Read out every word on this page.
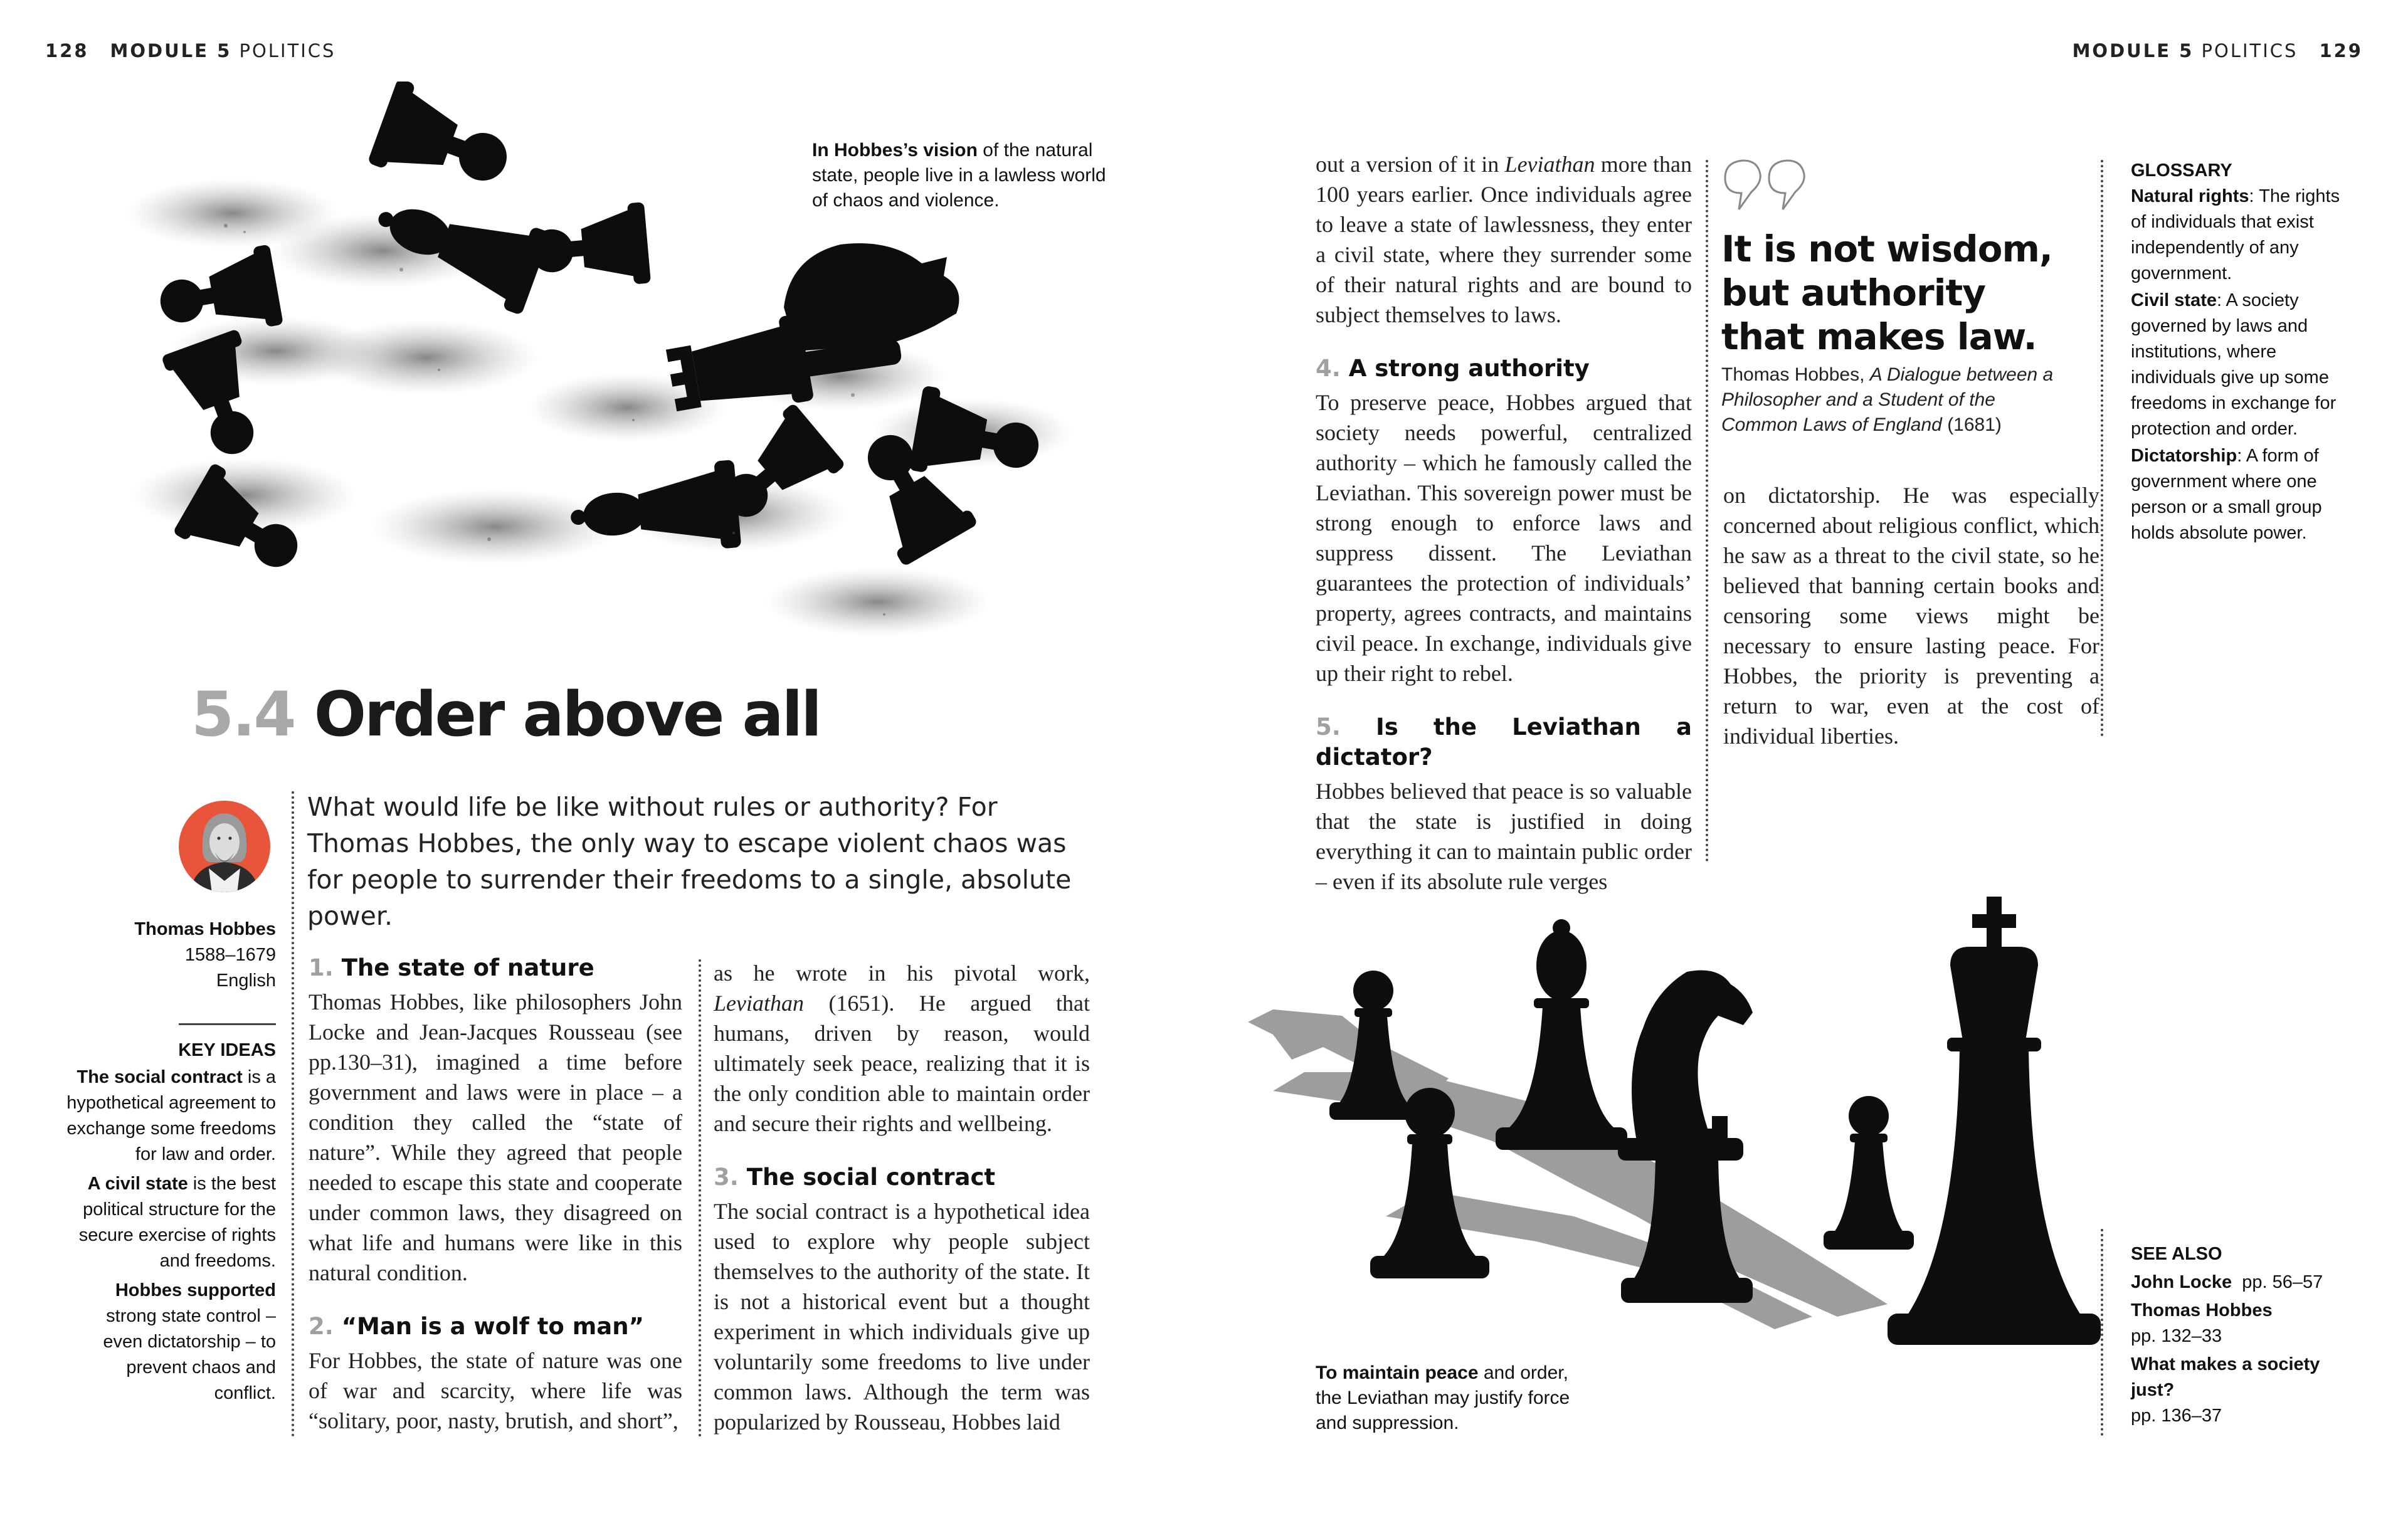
128 MODULE 5 POLITICS	MODULE 5 POLITICS 129
In Hobbes’s vision of the natural state, people live in a lawless world of chaos and violence.
5.4 Order above all
What would life be like without rules or authority? For Thomas Hobbes, the only way to escape violent chaos was for people to surrender their freedoms to a single, absolute power.
Thomas Hobbes
1588–1679
English
KEY IDEAS
The social contract is a hypothetical agreement to exchange some freedoms for law and order.
A civil state is the best political structure for the secure exercise of rights and freedoms.
Hobbes supported strong state control – even dictatorship – to prevent chaos and conflict.
1. The state of nature

Thomas Hobbes, like philosophers John Locke and Jean-Jacques Rousseau (see pp.130–31), imagined a time before government and laws were in place – a condition they called the “state of nature”. While they agreed that people needed to escape this state and cooperate under common laws, they disagreed on what life and humans were like in this natural condition.

2. “Man is a wolf to man”

For Hobbes, the state of nature was one of war and scarcity, where life was “solitary, poor, nasty, brutish, and short”,

as he wrote in his pivotal work, Leviathan (1651). He argued that humans, driven by reason, would ultimately seek peace, realizing that it is the only condition able to maintain order and secure their rights and wellbeing.

3. The social contract

The social contract is a hypothetical idea used to explore why people subject themselves to the authority of the state. It is not a historical event but a thought experiment in which individuals give up voluntarily some freedoms to live under common laws. Although the term was popularized by Rousseau, Hobbes laid

out a version of it in Leviathan more than 100 years earlier. Once individuals agree to leave a state of lawlessness, they enter a civil state, where they surrender some of their natural rights and are bound to subject themselves to laws.

4. A strong authority

To preserve peace, Hobbes argued that society needs powerful, centralized authority – which he famously called the Leviathan. This sovereign power must be strong enough to enforce laws and suppress dissent. The Leviathan guarantees the protection of individuals’ property, agrees contracts, and maintains civil peace. In exchange, individuals give up their right to rebel.

5. Is the Leviathan a dictator?

Hobbes believed that peace is so valuable that the state is justified in doing everything it can to maintain public order – even if its absolute rule verges

It is not wisdom, but authority that makes law.
Thomas Hobbes, A Dialogue between a Philosopher and a Student of the Common Laws of England (1681)

on dictatorship. He was especially concerned about religious conflict, which he saw as a threat to the civil state, so he believed that banning certain books and censoring some views might be necessary to ensure lasting peace. For Hobbes, the priority is preventing a return to war, even at the cost of individual liberties.

GLOSSARY
Natural rights: The rights of individuals that exist independently of any government.
Civil state: A society governed by laws and institutions, where individuals give up some freedoms in exchange for protection and order.
Dictatorship: A form of government where one person or a small group holds absolute power.
To maintain peace and order, the Leviathan may justify force and suppression.
SEE ALSO
John Locke pp. 56–57
Thomas Hobbes
pp. 132–33
What makes a society just?
pp. 136–37
